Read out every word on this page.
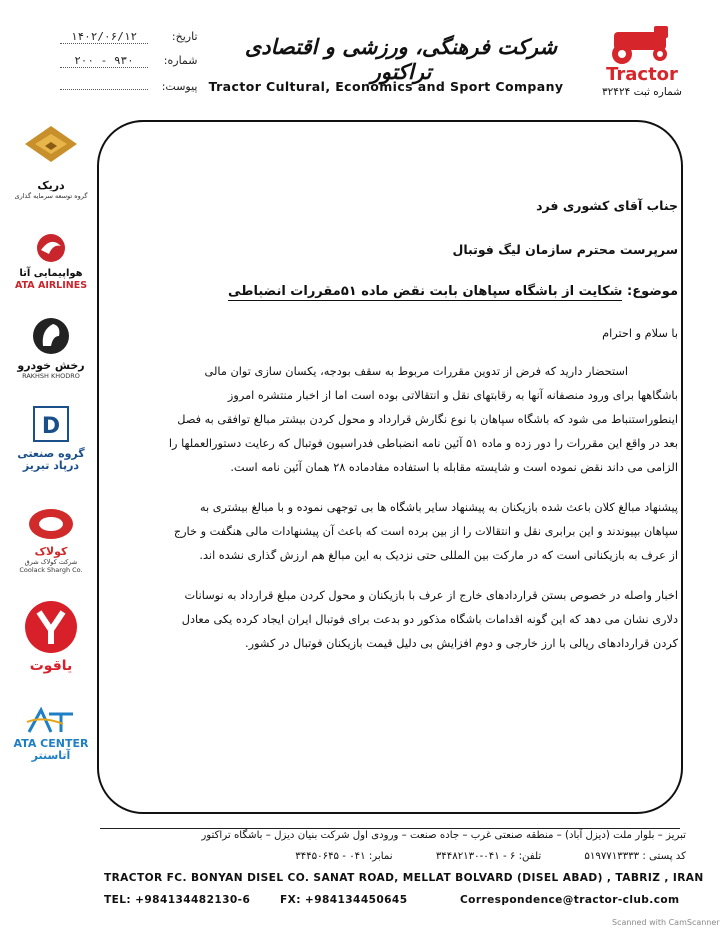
تاریخ: ۱۴۰۲/۰۶/۱۲
شماره: ۹۳۰ - ۲۰۰
پیوست:
شرکت فرهنگی، ورزشی و اقتصادی تراکتور
Tractor Cultural, Economics and Sport Company
Tractor
شماره ثبت ۳۲۴۲۴
دریک
گروه توسعه سرمایه گذاری
هواپیمایی آتا
ATA AIRLINES
رخش خودرو
RAKHSH KHODRO
D
گروه صنعتی
درپاد تبریز
کولاک
شرکت کولاک شرق
Coolack Shargh Co.
یاقوت
ATA CENTER
آتاسنتر
جناب آقای کشوری فرد
سرپرست محترم سازمان لیگ فوتبال
موضوع: شکایت از باشگاه سپاهان بابت نقض ماده ۵۱مقررات انضباطی
با سلام و احترام
استحضار دارید که فرض از تدوین مقررات مربوط به سقف بودجه، یکسان سازی توان مالی
باشگاهها برای ورود منصفانه آنها به رقابتهای نقل و انتقالاتی بوده است اما از اخبار منتشره امروز
اینطوراستنباط می شود که باشگاه سپاهان با نوع نگارش قرارداد و محول کردن بیشتر مبالغ توافقی به فصل
بعد در واقع این مقررات را دور زده و ماده ۵۱ آئین نامه انضباطی فدراسیون فوتبال که رعایت دستورالعملها را
الزامی می داند نقض نموده است و شایسته مقابله با استفاده مفادماده ۲۸ همان آئین نامه است.
پیشنهاد مبالغ کلان باعث شده بازیکنان به پیشنهاد سایر باشگاه ها بی توجهی نموده و با مبالغ بیشتری به
سپاهان بپیوندند و این برابری نقل و انتقالات را از بین برده است که باعث آن پیشنهادات مالی هنگفت و خارج
از عرف به بازیکنانی است که در مارکت بین المللی حتی نزدیک به این مبالغ هم ارزش گذاری نشده اند.
اخبار واصله در خصوص بستن قراردادهای خارج از عرف با بازیکنان و محول کردن مبلغ قرارداد به نوسانات
دلاری نشان می دهد که این گونه اقدامات باشگاه مذکور دو بدعت برای فوتبال ایران ایجاد کرده یکی معادل
کردن قراردادهای ریالی با ارز خارجی و دوم افزایش بی دلیل قیمت بازیکنان فوتبال در کشور.
تبریز – بلوار ملت (دیزل آباد) – منطقه صنعتی غرب – جاده صنعت – ورودی اول شرکت بنیان دیزل – باشگاه تراکتور
کد پستی : ۵۱۹۷۷۱۳۳۳۳ تلفن: ۶ - ۰۴۱-۳۴۴۸۲۱۳۰ نمابر: ۰۴۱ - ۳۴۴۵۰۶۴۵
TRACTOR FC. BONYAN DISEL CO. SANAT ROAD, MELLAT BOLVARD (DISEL ABAD) , TABRIZ , IRAN
TEL: +984134482130-6	FX: +984134450645	Correspondence@tractor-club.com
Scanned with CamScanner
